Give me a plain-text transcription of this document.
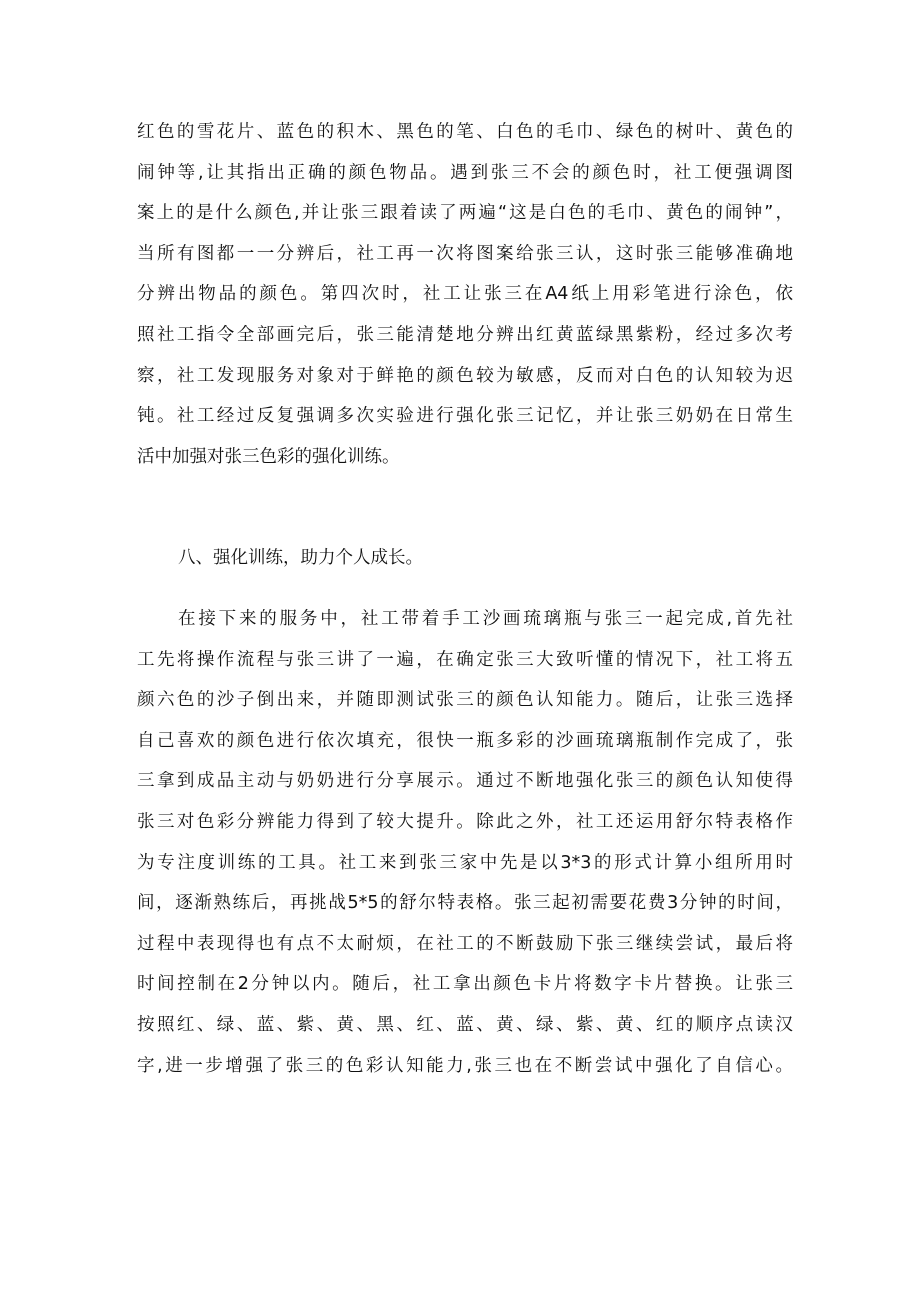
红色的雪花片、蓝色的积木、黑色的笔、白色的毛巾、绿色的树叶、黄色的
闹钟等,让其指出正确的颜色物品。遇到张三不会的颜色时，社工便强调图
案上的是什么颜色,并让张三跟着读了两遍“这是白色的毛巾、黄色的闹钟”，
当所有图都一一分辨后，社工再一次将图案给张三认，这时张三能够准确地
分辨出物品的颜色。第四次时，社工让张三在A4纸上用彩笔进行涂色，依
照社工指令全部画完后，张三能清楚地分辨出红黄蓝绿黑紫粉，经过多次考
察，社工发现服务对象对于鲜艳的颜色较为敏感，反而对白色的认知较为迟
钝。社工经过反复强调多次实验进行强化张三记忆，并让张三奶奶在日常生
活中加强对张三色彩的强化训练。
八、强化训练，助力个人成长。
在接下来的服务中，社工带着手工沙画琉璃瓶与张三一起完成,首先社
工先将操作流程与张三讲了一遍，在确定张三大致听懂的情况下，社工将五
颜六色的沙子倒出来，并随即测试张三的颜色认知能力。随后，让张三选择
自己喜欢的颜色进行依次填充，很快一瓶多彩的沙画琉璃瓶制作完成了，张
三拿到成品主动与奶奶进行分享展示。通过不断地强化张三的颜色认知使得
张三对色彩分辨能力得到了较大提升。除此之外，社工还运用舒尔特表格作
为专注度训练的工具。社工来到张三家中先是以3*3的形式计算小组所用时
间，逐渐熟练后，再挑战5*5的舒尔特表格。张三起初需要花费3分钟的时间，
过程中表现得也有点不太耐烦，在社工的不断鼓励下张三继续尝试，最后将
时间控制在2分钟以内。随后，社工拿出颜色卡片将数字卡片替换。让张三
按照红、绿、蓝、紫、黄、黑、红、蓝、黄、绿、紫、黄、红的顺序点读汉
字,进一步增强了张三的色彩认知能力,张三也在不断尝试中强化了自信心。
